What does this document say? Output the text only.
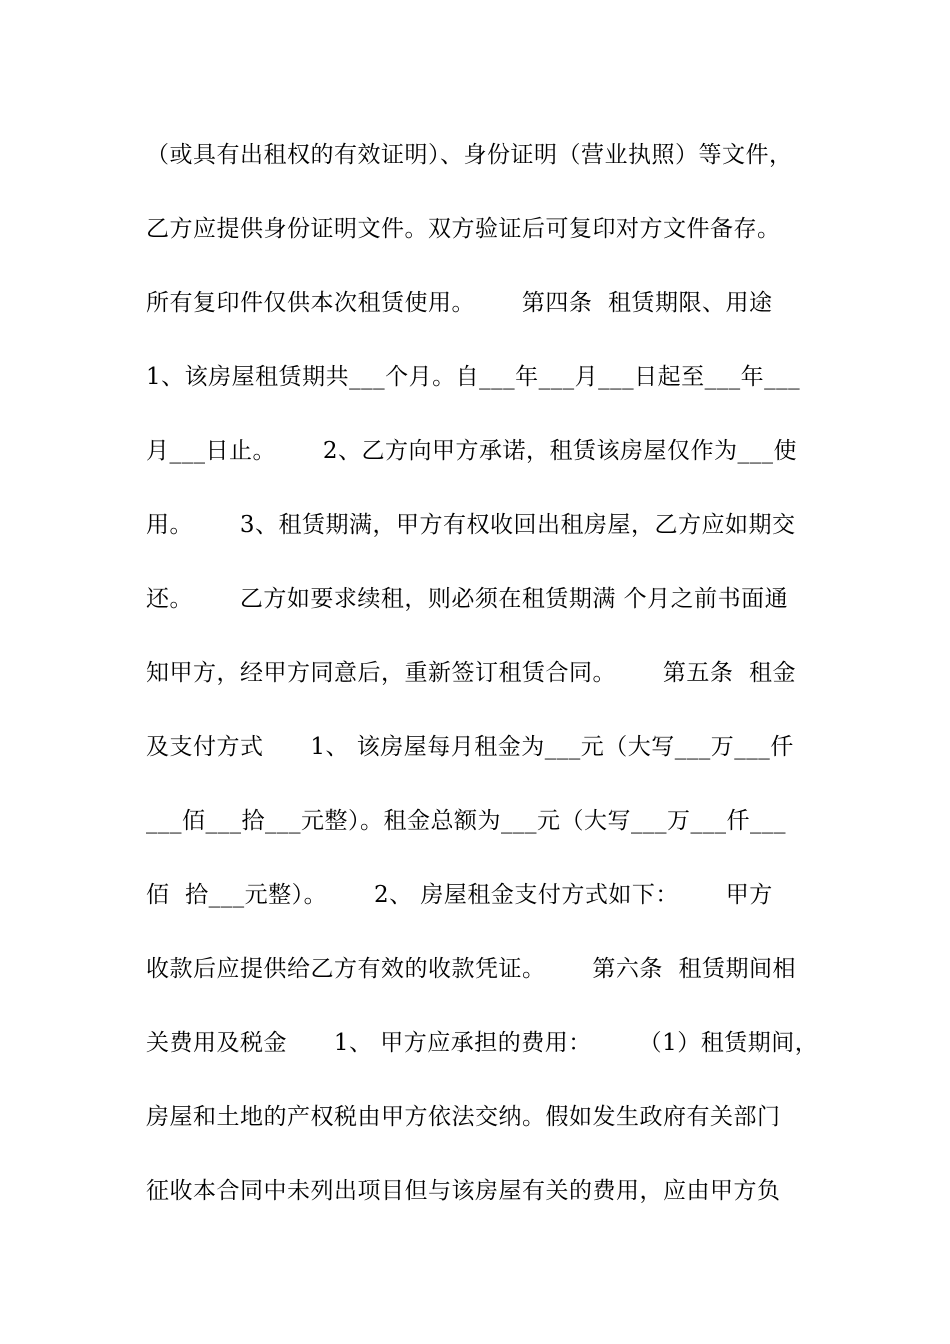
（或具有出租权的有效证明）、身份证明（营业执照）等文件，
乙方应提供身份证明文件。双方验证后可复印对方文件备存。
所有复印件仅供本次租赁使用。      第四条  租赁期限、用途
1、该房屋租赁期共___个月。自___年___月___日起至___年___
月___日止。      2、乙方向甲方承诺，租赁该房屋仅作为___使
用。      3、租赁期满，甲方有权收回出租房屋，乙方应如期交
还。      乙方如要求续租，则必须在租赁期满 个月之前书面通
知甲方，经甲方同意后，重新签订租赁合同。      第五条  租金
及支付方式      1、 该房屋每月租金为___元（大写___万___仟
___佰___拾___元整）。租金总额为___元（大写___万___仟___
佰  拾___元整）。      2、 房屋租金支付方式如下：      甲方
收款后应提供给乙方有效的收款凭证。      第六条  租赁期间相
关费用及税金      1、 甲方应承担的费用：      （1）租赁期间，
房屋和土地的产权税由甲方依法交纳。假如发生政府有关部门
征收本合同中未列出项目但与该房屋有关的费用，应由甲方负
